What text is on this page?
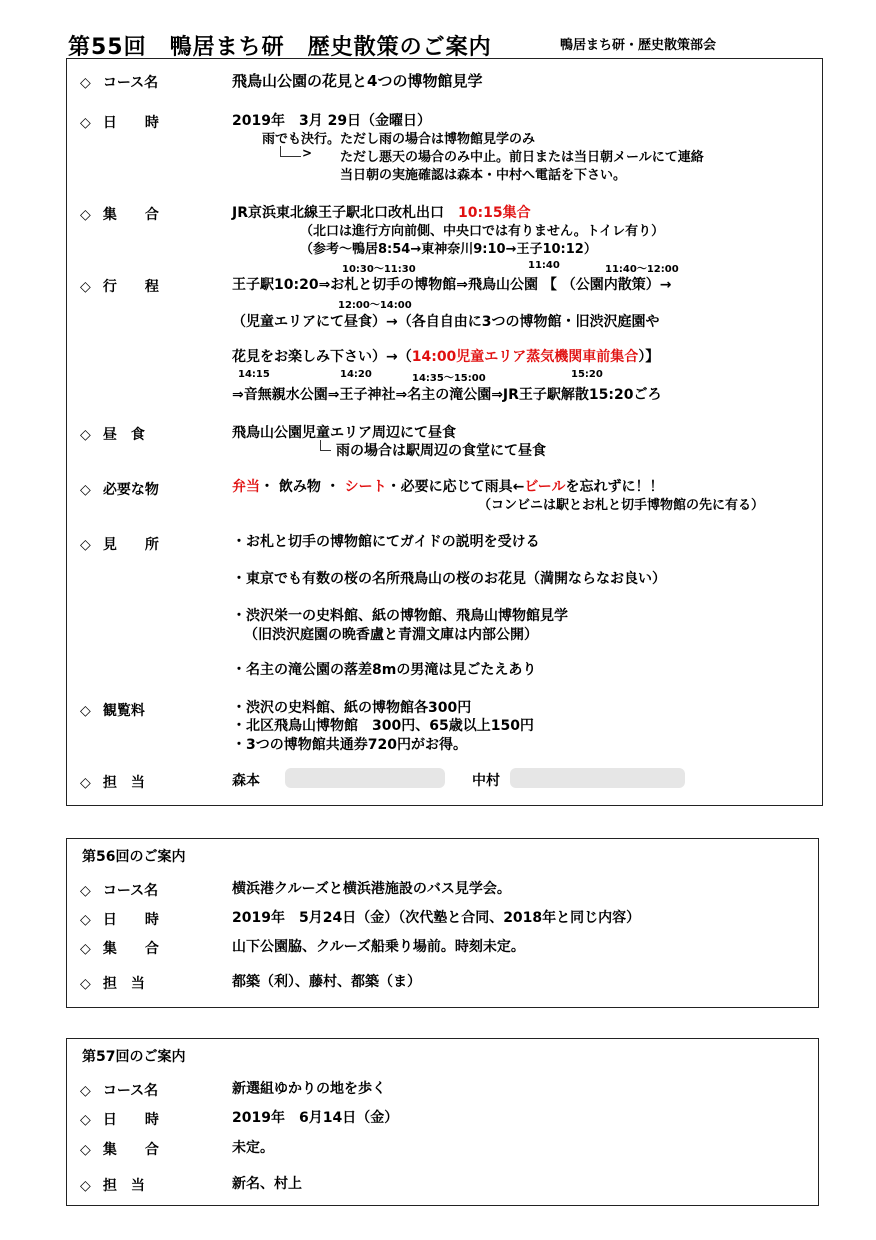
第55回　鴨居まち研　歴史散策のご案内	鴨居まち研・歴史散策部会
◇ コース名	飛鳥山公園の花見と4つの博物館見学
◇ 日　　時	2019年　3月 29日（金曜日）
雨でも決行。ただし雨の場合は博物館見学のみ
> ただし悪天の場合のみ中止。前日または当日朝メールにて連絡
当日朝の実施確認は森本・中村へ電話を下さい。
◇ 集　　合	JR京浜東北線王子駅北口改札出口　 10:15集合
（北口は進行方向前側、中央口では有りません。トイレ有り）
（参考～鴨居8:54→東神奈川9:10→王子10:12）
10:30～11:30	11:40	11:40～12:00
◇ 行　　程	王子駅10:20⇒お札と切手の博物館⇒飛鳥山公園 【 （公園内散策）→
12:00～14:00
（児童エリアにて昼食）→（各自自由に3つの博物館・旧渋沢庭園や
花見をお楽しみ下さい）→（14:00児童エリア蒸気機関車前集合）】
14:15	14:20	14:35～15:00	15:20
⇒音無親水公園⇒王子神社⇒名主の滝公園⇒JR王子駅解散15:20ごろ
◇ 昼　食	飛鳥山公園児童エリア周辺にて昼食
雨の場合は駅周辺の食堂にて昼食
◇ 必要な物	弁当・ 飲み物 ・ シート・必要に応じて雨具←ビールを忘れずに！！
（コンビニは駅とお札と切手博物館の先に有る）
◇ 見　　所	・お札と切手の博物館にてガイドの説明を受ける
・東京でも有数の桜の名所飛鳥山の桜のお花見（満開ならなお良い）
・渋沢栄一の史料館、紙の博物館、飛鳥山博物館見学
（旧渋沢庭園の晩香盧と青淵文庫は内部公開）
・名主の滝公園の落差8mの男滝は見ごたえあり
◇ 観覧料	・渋沢の史料館、紙の博物館各300円
・北区飛鳥山博物館　300円、65歳以上150円
・3つの博物館共通券720円がお得。
◇ 担　当	森本	中村
第56回のご案内
◇ コース名	横浜港クルーズと横浜港施設のバス見学会。
◇ 日　　時	2019年　5月24日（金）（次代塾と合同、2018年と同じ内容）
◇ 集　　合	山下公園脇、クルーズ船乗り場前。時刻未定。
◇ 担　当	都築（利）、藤村、都築（ま）
第57回のご案内
◇ コース名	新選組ゆかりの地を歩く
◇ 日　　時	2019年　6月14日（金）
◇ 集　　合	未定。
◇ 担　当	新名、村上
